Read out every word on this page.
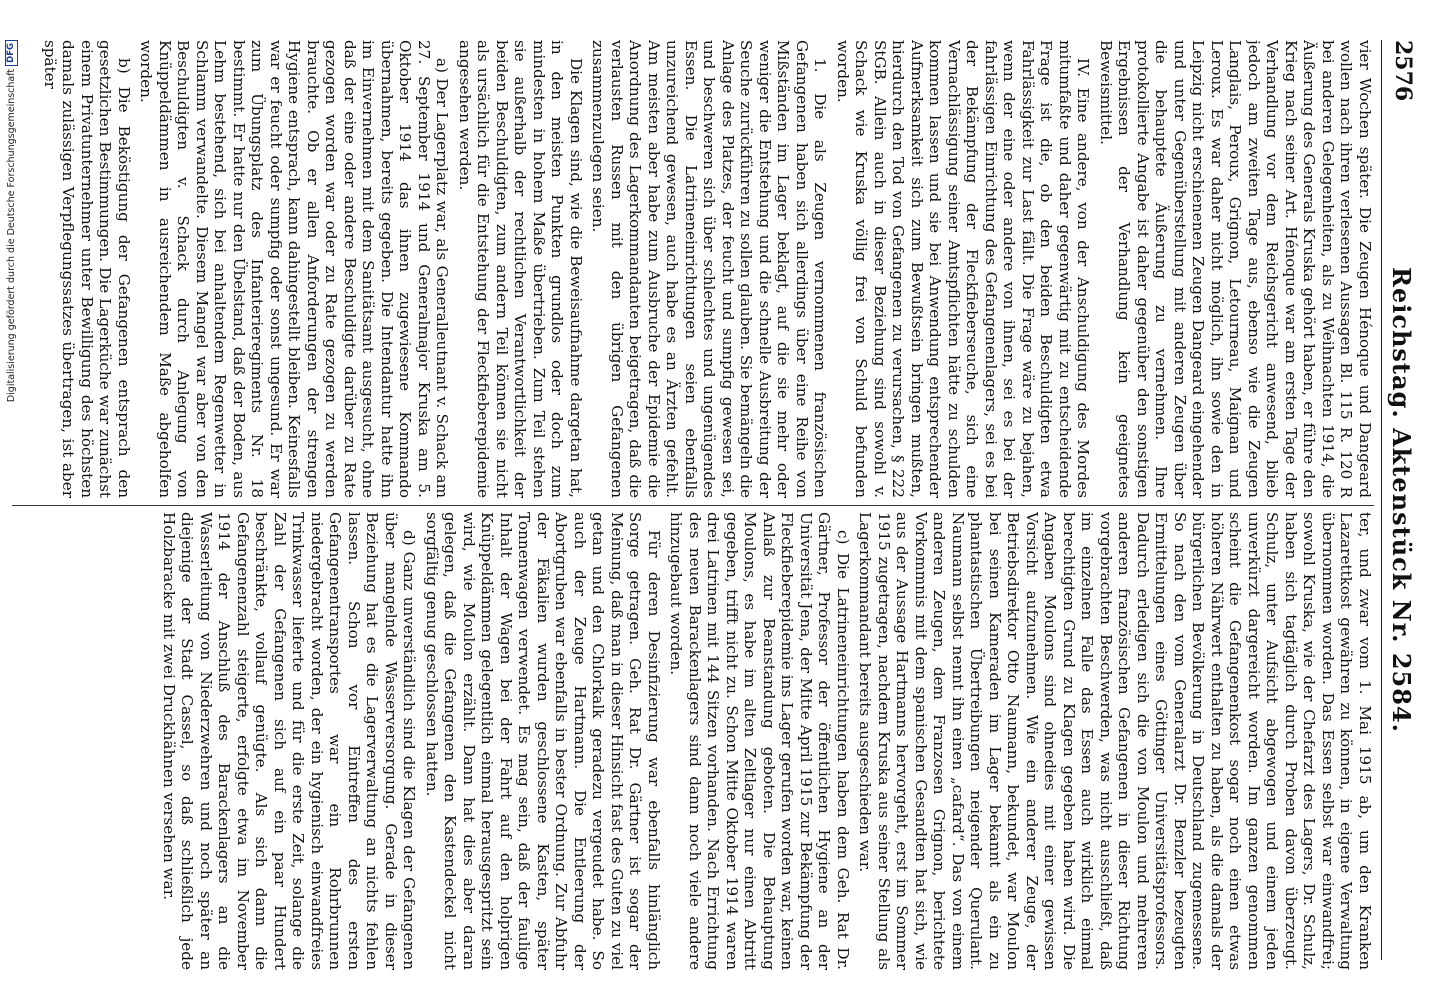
2576
Reichstag. Aktenstück Nr. 2584.

vier Wochen später. Die Zeugen Hénoque und Dangeard wollen nach ihren verlesenen Aussagen Bl. 115 R. 120 R bei anderen Gelegenheiten, als zu Weihnachten 1914, die Äußerung des Generals Kruska gehört haben, er führe den Krieg nach seiner Art. Hénoque war am ersten Tage der Verhandlung vor dem Reichsgericht anwesend, blieb jedoch am zweiten Tage aus, ebenso wie die Zeugen Langlais, Peroux, Grignon, Letourneau, Maignan und Leroux. Es war daher nicht möglich, ihn sowie den in Leipzig nicht erschienenen Zeugen Dangeard eingehender und unter Gegenüberstellung mit anderen Zeugen über die behauptete Äußerung zu vernehmen. Ihre protokollierte Angabe ist daher gegenüber den sonstigen Ergebnissen der Verhandlung kein geeignetes Beweismittel.

IV. Eine andere, von der Anschuldigung des Mordes mitumfaßte und daher gegenwärtig mit zu entscheidende Frage ist die, ob den beiden Beschuldigten etwa Fahrlässigkeit zur Last fällt. Die Frage wäre zu bejahen, wenn der eine oder andere von ihnen, sei es bei der fahrlässigen Einrichtung des Gefangenenlagers, sei es bei der Bekämpfung der Fleckfieberseuche, sich eine Vernachlässigung seiner Amtspflichten hätte zu schulden kommen lassen und sie bei Anwendung entsprechender Aufmerksamkeit sich zum Bewußtsein bringen mußten, hierdurch den Tod von Gefangenen zu verursachen, § 222 StGB. Allein auch in dieser Beziehung sind sowohl v. Schack wie Kruska völlig frei von Schuld befunden worden.

1. Die als Zeugen vernommenen französischen Gefangenen haben sich allerdings über eine Reihe von Mißständen im Lager beklagt, auf die sie mehr oder weniger die Entstehung und die schnelle Ausbreitung der Seuche zurückführen zu sollen glauben. Sie bemängeln die Anlage des Platzes, der feucht und sumpfig gewesen sei, und beschweren sich über schlechtes und ungenügendes Essen. Die Latrineneinrichtungen seien ebenfalls unzureichend gewesen, auch habe es an Ärzten gefehlt. Am meisten aber habe zum Ausbruche der Epidemie die Anordnung des Lagerkommandanten beigetragen, daß die verlausten Russen mit den übrigen Gefangenen zusammenzulegen seien.

Die Klagen sind, wie die Beweisaufnahme dargetan hat, in den meisten Punkten grundlos oder doch zum mindesten in hohem Maße übertrieben. Zum Teil stehen sie außerhalb der rechtlichen Verantwortlichkeit der beiden Beschuldigten, zum andern Teil können sie nicht als ursächlich für die Entstehung der Fleckfieberepidemie angesehen werden.

a) Der Lagerplatz war, als Generalleutnant v. Schack am 27. September 1914 und Generalmajor Kruska am 5. Oktober 1914 das ihnen zugewiesene Kommando übernahmen, bereits gegeben. Die Intendantur hatte ihn im Einvernehmen mit dem Sanitätsamt ausgesucht, ohne daß der eine oder andere Beschuldigte darüber zu Rate gezogen worden war oder zu Rate gezogen zu werden brauchte. Ob er allen Anforderungen der strengen Hygiene entsprach, kann dahingestellt bleiben. Keinesfalls war er feucht oder sumpfig oder sonst ungesund. Er war zum Übungsplatz des Infanterieregiments Nr. 18 bestimmt. Er hatte nur den Übelstand, daß der Boden, aus Lehm bestehend, sich bei anhaltendem Regenwetter in Schlamm verwandelte. Diesem Mangel war aber von den Beschuldigten v. Schack durch Anlegung von Knüppeldämmen in ausreichendem Maße abgeholfen worden.

b) Die Beköstigung der Gefangenen entsprach den gesetzlichen Bestimmungen. Die Lagerküche war zunächst einem Privatunternehmer unter Bewilligung des höchsten damals zulässigen Verpflegungssatzes übertragen, ist aber später

ter, und zwar vom 1. Mai 1915 ab, um den Kranken Lazarettkost gewähren zu können, in eigene Verwaltung übernommen worden. Das Essen selbst war einwandfrei; sowohl Kruska, wie der Chefarzt des Lagers, Dr. Schulz, haben sich tagtäglich durch Proben davon überzeugt. Schulz, unter Aufsicht abgewogen und einem jeden unverkürzt dargereicht worden. Im ganzen genommen scheint die Gefangenenkost sogar noch einen etwas höheren Nährwert enthalten zu haben, als die damals der bürgerlichen Bevölkerung in Deutschland zugemessene. So nach den vom Generalarzt Dr. Benzler bezeugten Ermittelungen eines Göttinger Universitätsprofessors. Dadurch erledigen sich die von Moulon und mehreren anderen französischen Gefangenen in dieser Richtung vorgebrachten Beschwerden, was nicht ausschließt, daß im einzelnen Falle das Essen auch wirklich einmal berechtigten Grund zu Klagen gegeben haben wird. Die Angaben Moulons sind ohnedies mit einer gewissen Vorsicht aufzunehmen. Wie ein anderer Zeuge, der Betriebsdirektor Otto Naumann, bekundet, war Moulon bei seinen Kameraden im Lager bekannt als ein zu phantastischen Übertreibungen neigender Querulant. Naumann selbst nennt ihn einen „cafard“. Das von einem anderen Zeugen, dem Franzosen Grignon, berichtete Vorkommnis mit dem spanischen Gesandten hat sich, wie aus der Aussage Hartmanns hervorgeht, erst im Sommer 1915 zugetragen, nachdem Kruska aus seiner Stellung als Lagerkommandant bereits ausgeschieden war.

c) Die Latrineneinrichtungen haben dem Geh. Rat Dr. Gärtner, Professor der öffentlichen Hygiene an der Universität Jena, der Mitte April 1915 zur Bekämpfung der Fleckfieberepidemie ins Lager gerufen worden war, keinen Anlaß zur Beanstandung geboten. Die Behauptung Moulons, es habe im alten Zeltlager nur einen Abtritt gegeben, trifft nicht zu. Schon Mitte Oktober 1914 waren drei Latrinen mit 144 Sitzen vorhanden. Nach Errichtung des neuen Barackenlagers sind dann noch viele andere hinzugebaut worden.

Für deren Desinfizierung war ebenfalls hinlänglich Sorge getragen. Geh. Rat Dr. Gärtner ist sogar der Meinung, daß man in dieser Hinsicht fast des Guten zu viel getan und den Chlorkalk geradezu vergeudet habe. So auch der Zeuge Hartmann. Die Entleerung der Abortgruben war ebenfalls in bester Ordnung. Zur Abfuhr der Fäkalien wurden geschlossene Kasten, später Tonnenwagen verwendet. Es mag sein, daß der faulige Inhalt der Wagen bei der Fahrt auf den holprigen Knüppeldämmen gelegentlich einmal herausgespritzt sein wird, wie Moulon erzählt. Dann hat dies aber daran gelegen, daß die Gefangenen den Kastendeckel nicht sorgfältig genug geschlossen hatten.

d) Ganz unverständlich sind die Klagen der Gefangenen über mangelnde Wasserversorgung. Gerade in dieser Beziehung hat es die Lagerverwaltung an nichts fehlen lassen. Schon vor Eintreffen des ersten Gefangenentransportes war ein Rohrbrunnen niedergebracht worden, der ein hygienisch einwandfreies Trinkwasser lieferte und für die erste Zeit, solange die Zahl der Gefangenen sich auf ein paar Hundert beschränkte, vollauf genügte. Als sich dann die Gefangenenzahl steigerte, erfolgte etwa im November 1914 der Anschluß des Barackenlagers an die Wasserleitung von Niederzwehren und noch später an diejenige der Stadt Cassel, so daß schließlich jede Holzbaracke mit zwei Druckhähnen versehen war.

Digitalisierung gefördert durch die Deutsche ForschungsgemeinschaftDFG
